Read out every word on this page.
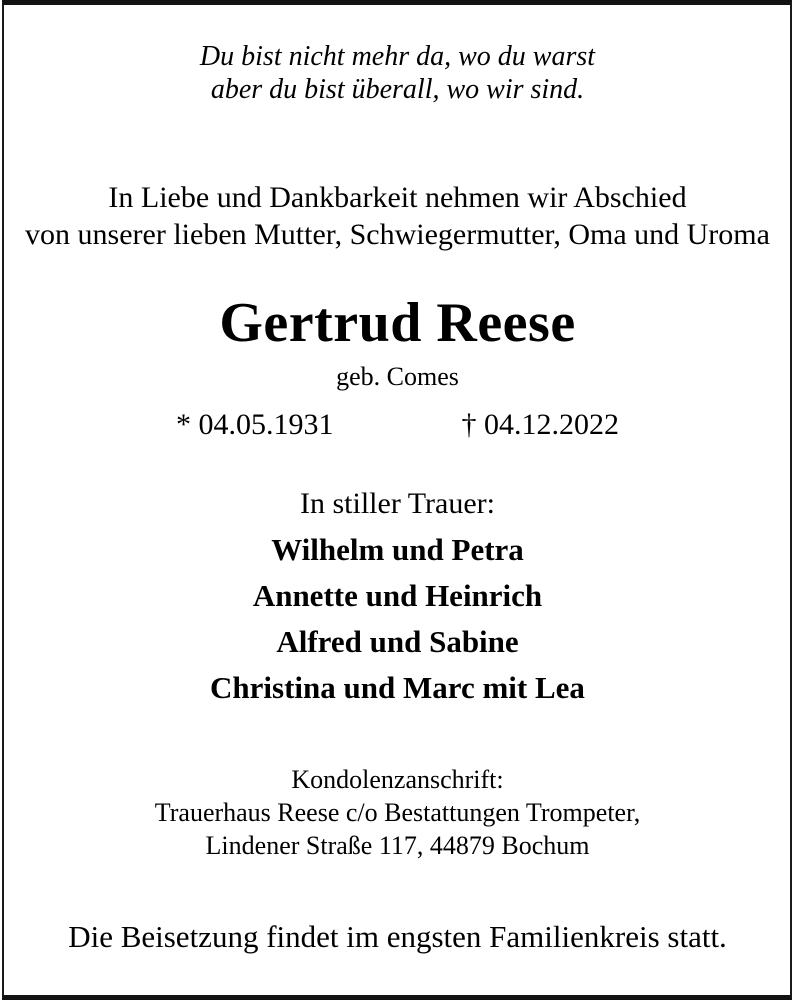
Du bist nicht mehr da, wo du warst
aber du bist überall, wo wir sind.
In Liebe und Dankbarkeit nehmen wir Abschied
von unserer lieben Mutter, Schwiegermutter, Oma und Uroma
Gertrud Reese
geb. Comes
* 04.05.1931	† 04.12.2022
In stiller Trauer:
Wilhelm und Petra
Annette und Heinrich
Alfred und Sabine
Christina und Marc mit Lea
Kondolenzanschrift:
Trauerhaus Reese c/o Bestattungen Trompeter,
Lindener Straße 117, 44879 Bochum
Die Beisetzung findet im engsten Familienkreis statt.
